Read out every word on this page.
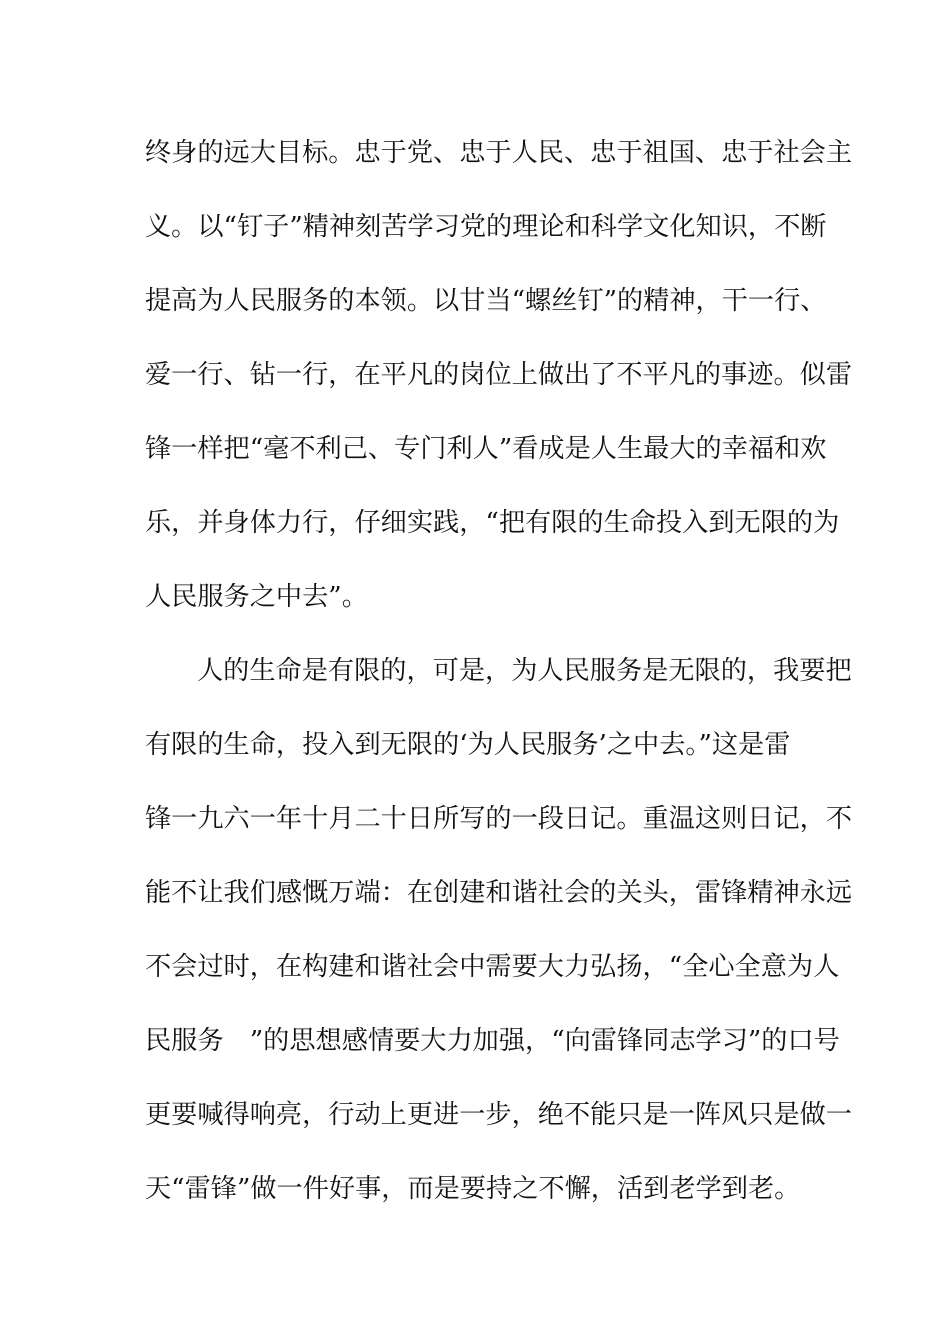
终身的远大目标。忠于党、忠于人民、忠于祖国、忠于社会主
义。以“钉子”精神刻苦学习党的理论和科学文化知识，不断
提高为人民服务的本领。以甘当“螺丝钉”的精神，干一行、
爱一行、钻一行，在平凡的岗位上做出了不平凡的事迹。似雷
锋一样把“毫不利己、专门利人”看成是人生最大的幸福和欢
乐，并身体力行，仔细实践，“把有限的生命投入到无限的为
人民服务之中去”。
人的生命是有限的，可是，为人民服务是无限的，我要把
有限的生命，投入到无限的‘为人民服务’之中去。”这是雷
锋一九六一年十月二十日所写的一段日记。重温这则日记，不
能不让我们感慨万端：在创建和谐社会的关头，雷锋精神永远
不会过时，在构建和谐社会中需要大力弘扬，“全心全意为人
民服务　”的思想感情要大力加强，“向雷锋同志学习”的口号
更要喊得响亮，行动上更进一步，绝不能只是一阵风只是做一
天“雷锋”做一件好事，而是要持之不懈，活到老学到老。
